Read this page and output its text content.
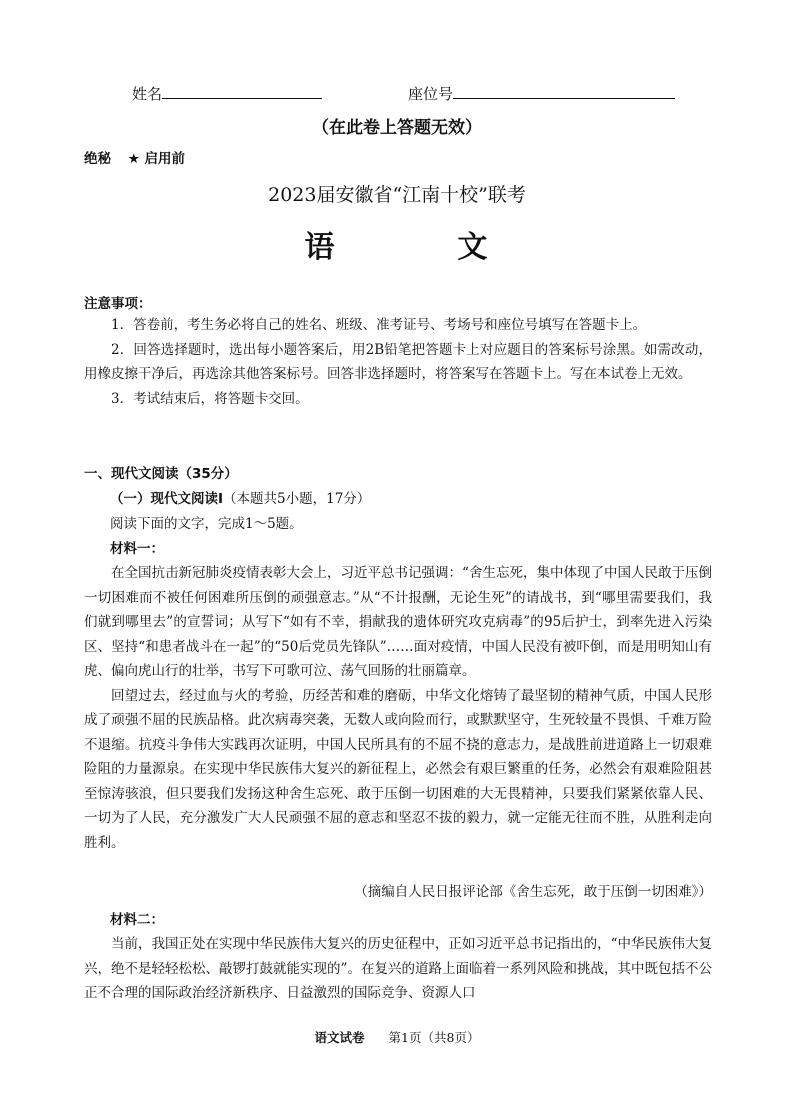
姓名	座位号
（在此卷上答题无效）
绝秘 ★ 启用前
2023届安徽省“江南十校”联考
语  文
注意事项：

1．答卷前，考生务必将自己的姓名、班级、准考证号、考场号和座位号填写在答题卡上。

2．回答选择题时，选出每小题答案后，用2B铅笔把答题卡上对应题目的答案标号涂黑。如需改动，用橡皮擦干净后，再选涂其他答案标号。回答非选择题时，将答案写在答题卡上。写在本试卷上无效。

3．考试结束后，将答题卡交回。

一、现代文阅读（35分）
（一）现代文阅读Ⅰ（本题共5小题，17分）
阅读下面的文字，完成1～5题。
材料一：

在全国抗击新冠肺炎疫情表彰大会上，习近平总书记强调：“舍生忘死，集中体现了中国人民敢于压倒一切困难而不被任何困难所压倒的顽强意志。”从“不计报酬，无论生死”的请战书，到“哪里需要我们，我们就到哪里去”的宣誓词；从写下“如有不幸，捐献我的遗体研究攻克病毒”的95后护士，到率先进入污染区、坚持“和患者战斗在一起”的“50后党员先锋队”……面对疫情，中国人民没有被吓倒，而是用明知山有虎、偏向虎山行的壮举，书写下可歌可泣、荡气回肠的壮丽篇章。

回望过去，经过血与火的考验，历经苦和难的磨砺，中华文化熔铸了最坚韧的精神气质，中国人民形成了顽强不屈的民族品格。此次病毒突袭，无数人或向险而行，或默默坚守，生死较量不畏惧、千难万险不退缩。抗疫斗争伟大实践再次证明，中国人民所具有的不屈不挠的意志力，是战胜前进道路上一切艰难险阻的力量源泉。在实现中华民族伟大复兴的新征程上，必然会有艰巨繁重的任务，必然会有艰难险阻甚至惊涛骇浪，但只要我们发扬这种舍生忘死、敢于压倒一切困难的大无畏精神，只要我们紧紧依靠人民、一切为了人民，充分激发广大人民顽强不屈的意志和坚忍不拔的毅力，就一定能无往而不胜，从胜利走向胜利。

（摘编自人民日报评论部《舍生忘死，敢于压倒一切困难》）
材料二：

当前，我国正处在实现中华民族伟大复兴的历史征程中，正如习近平总书记指出的，“中华民族伟大复兴，绝不是轻轻松松、敲锣打鼓就能实现的”。在复兴的道路上面临着一系列风险和挑战，其中既包括不公正不合理的国际政治经济新秩序、日益激烈的国际竞争、资源人口

语文试卷 第1页（共8页）
